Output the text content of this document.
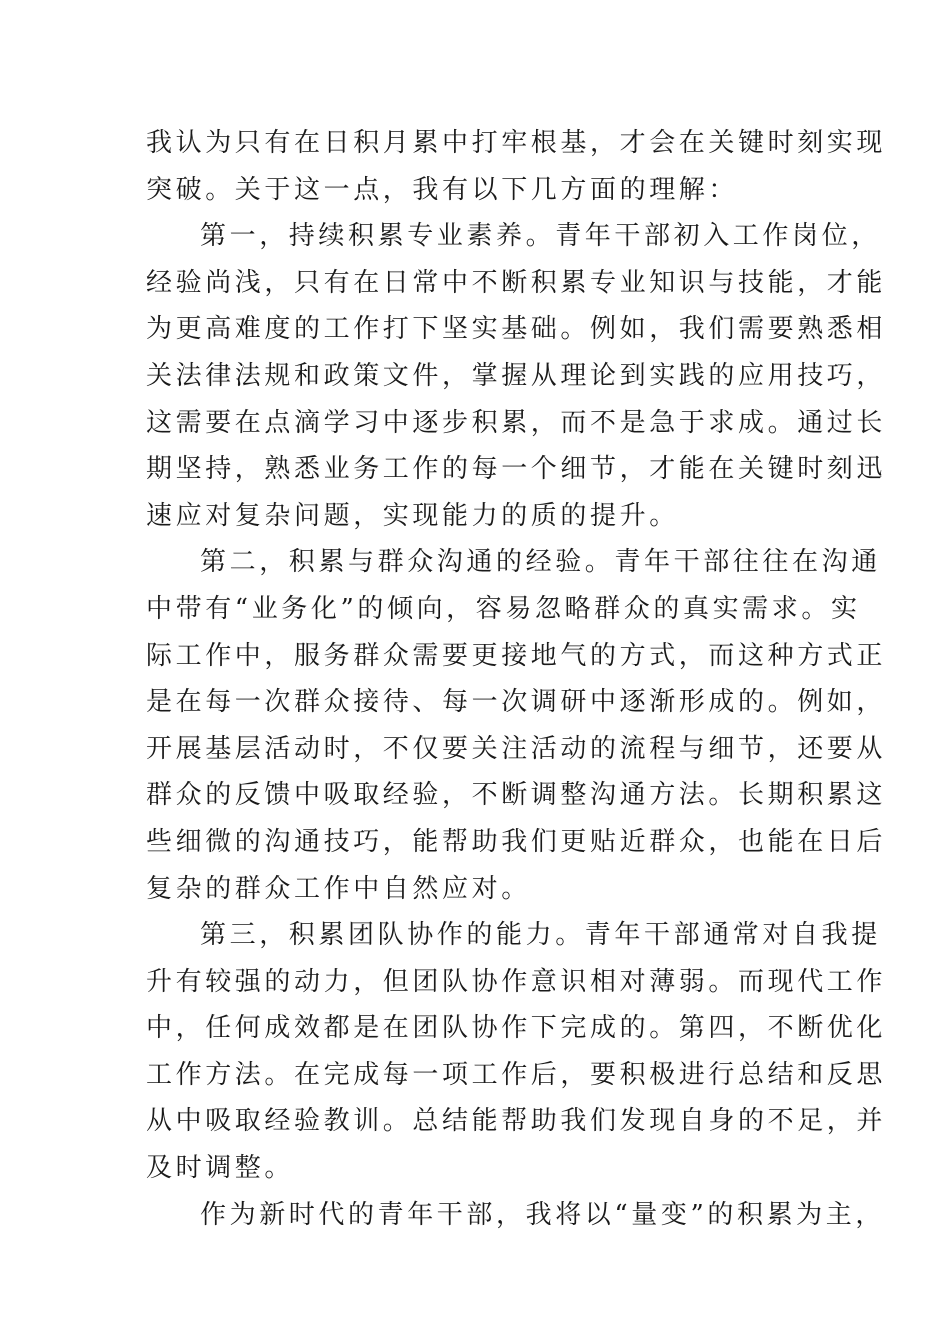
我认为只有在日积月累中打牢根基，才会在关键时刻实现
突破。关于这一点，我有以下几方面的理解：
第一，持续积累专业素养。青年干部初入工作岗位，
经验尚浅，只有在日常中不断积累专业知识与技能，才能
为更高难度的工作打下坚实基础。例如，我们需要熟悉相
关法律法规和政策文件，掌握从理论到实践的应用技巧，
这需要在点滴学习中逐步积累，而不是急于求成。通过长
期坚持，熟悉业务工作的每一个细节，才能在关键时刻迅
速应对复杂问题，实现能力的质的提升。
第二，积累与群众沟通的经验。青年干部往往在沟通
中带有“业务化”的倾向，容易忽略群众的真实需求。实
际工作中，服务群众需要更接地气的方式，而这种方式正
是在每一次群众接待、每一次调研中逐渐形成的。例如，
开展基层活动时，不仅要关注活动的流程与细节，还要从
群众的反馈中吸取经验，不断调整沟通方法。长期积累这
些细微的沟通技巧，能帮助我们更贴近群众，也能在日后
复杂的群众工作中自然应对。
第三，积累团队协作的能力。青年干部通常对自我提
升有较强的动力，但团队协作意识相对薄弱。而现代工作
中，任何成效都是在团队协作下完成的。第四，不断优化
工作方法。在完成每一项工作后，要积极进行总结和反思
从中吸取经验教训。总结能帮助我们发现自身的不足，并
及时调整。
作为新时代的青年干部，我将以“量变”的积累为主，
